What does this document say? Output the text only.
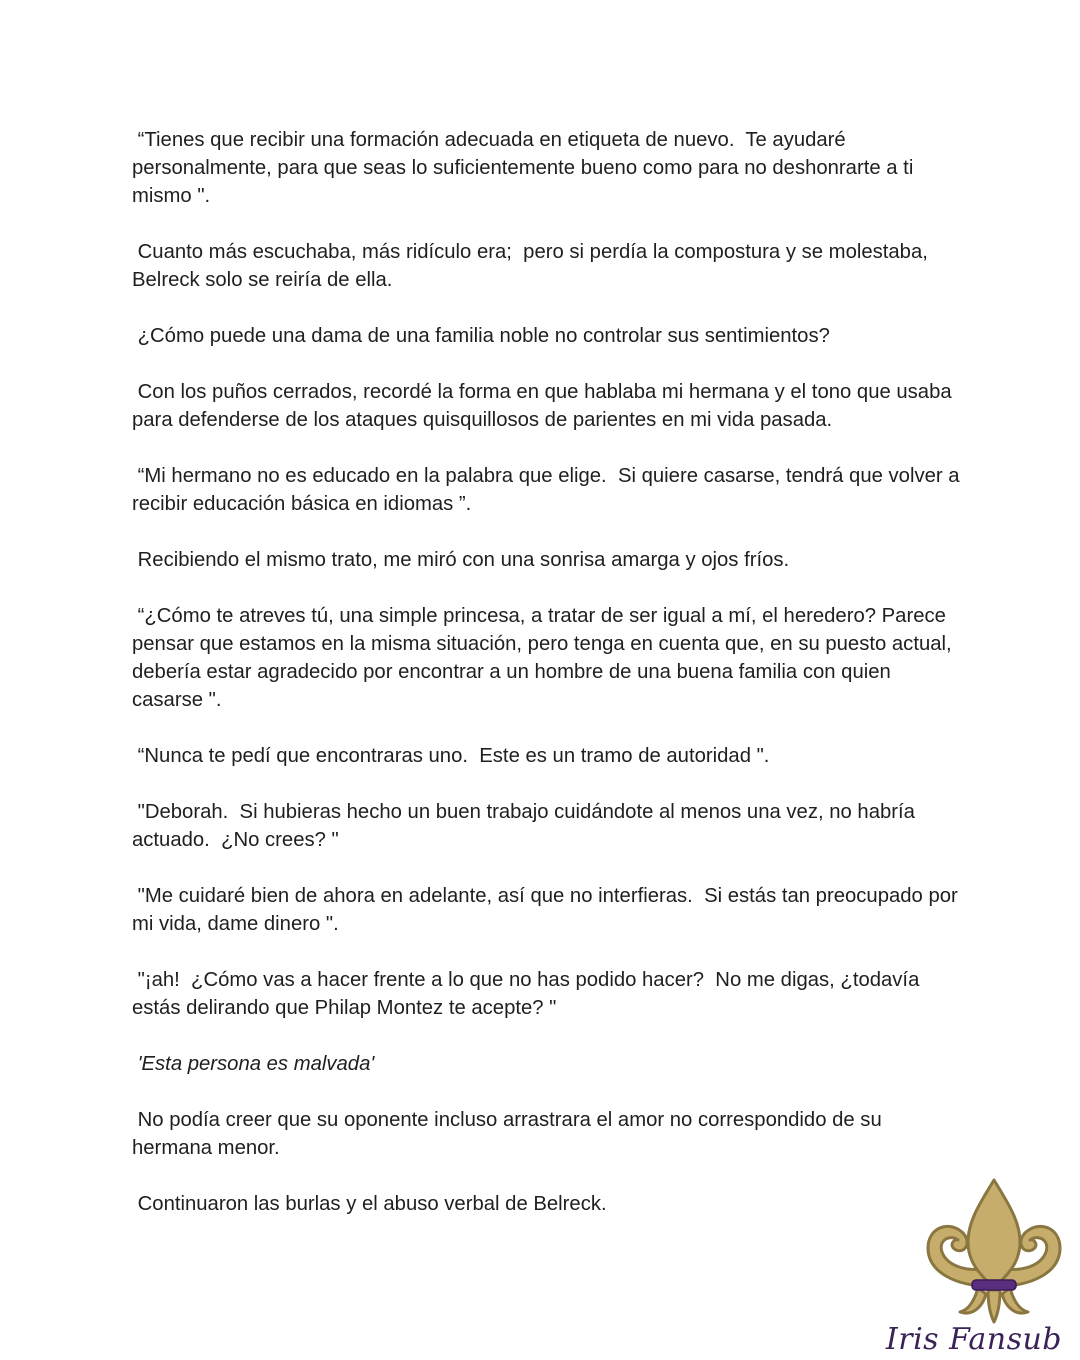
“Tienes que recibir una formación adecuada en etiqueta de nuevo.  Te ayudaré personalmente, para que seas lo suficientemente bueno como para no deshonrarte a ti mismo ".

Cuanto más escuchaba, más ridículo era;  pero si perdía la compostura y se molestaba, Belreck solo se reiría de ella.

¿Cómo puede una dama de una familia noble no controlar sus sentimientos?

Con los puños cerrados, recordé la forma en que hablaba mi hermana y el tono que usaba para defenderse de los ataques quisquillosos de parientes en mi vida pasada.

“Mi hermano no es educado en la palabra que elige.  Si quiere casarse, tendrá que volver a recibir educación básica en idiomas ”.

Recibiendo el mismo trato, me miró con una sonrisa amarga y ojos fríos.

“¿Cómo te atreves tú, una simple princesa, a tratar de ser igual a mí, el heredero? Parece pensar que estamos en la misma situación, pero tenga en cuenta que, en su puesto actual, debería estar agradecido por encontrar a un hombre de una buena familia con quien casarse ".

“Nunca te pedí que encontraras uno.  Este es un tramo de autoridad ".

"Deborah.  Si hubieras hecho un buen trabajo cuidándote al menos una vez, no habría actuado.  ¿No crees? "

"Me cuidaré bien de ahora en adelante, así que no interfieras.  Si estás tan preocupado por mi vida, dame dinero ".

"¡ah!  ¿Cómo vas a hacer frente a lo que no has podido hacer?  No me digas, ¿todavía estás delirando que Philap Montez te acepte? "

'Esta persona es malvada'

No podía creer que su oponente incluso arrastrara el amor no correspondido de su hermana menor.

Continuaron las burlas y el abuso verbal de Belreck.

Iris Fansub
